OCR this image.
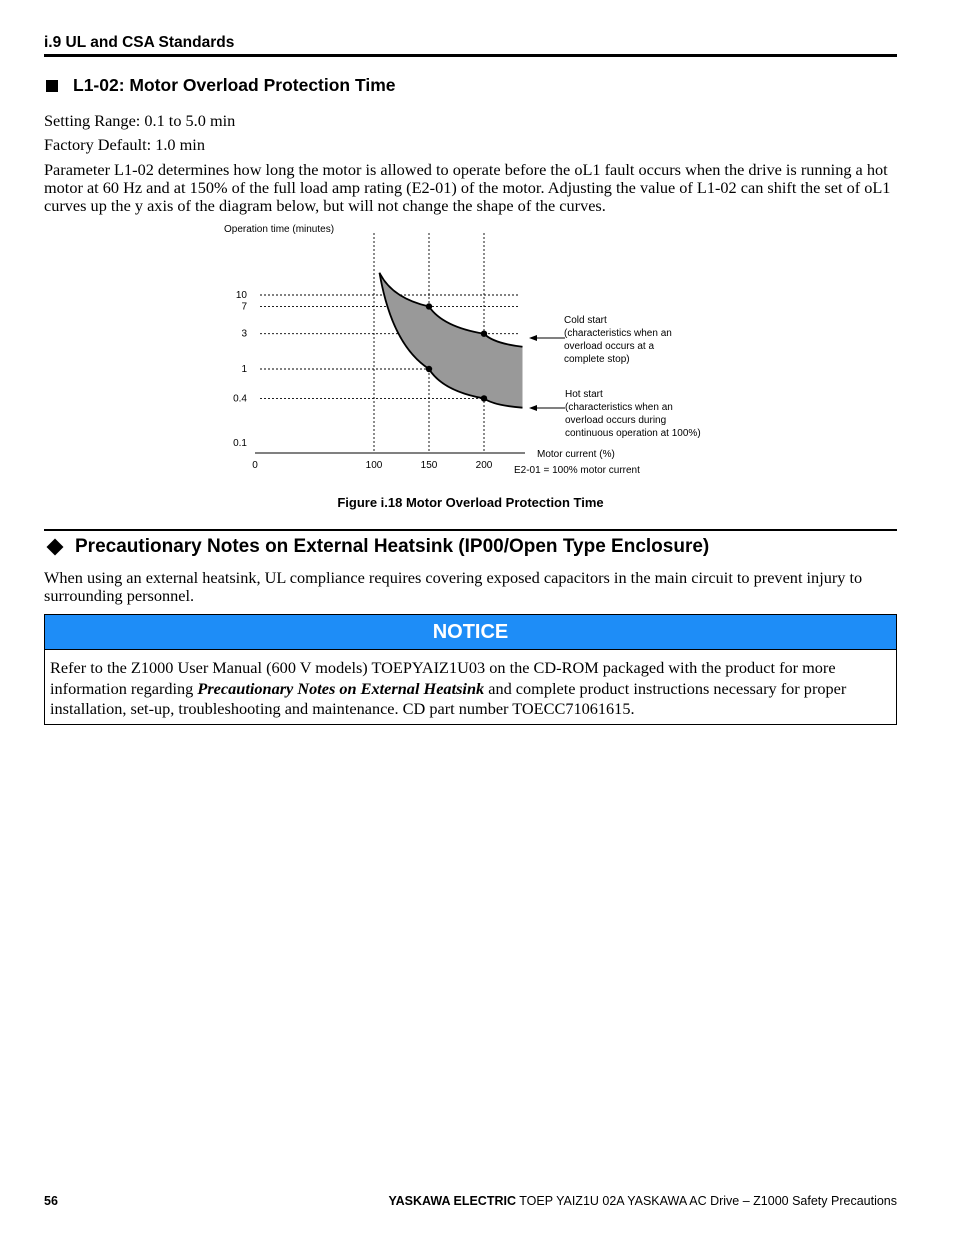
i.9 UL and CSA Standards
L1-02: Motor Overload Protection Time
Setting Range: 0.1 to 5.0 min
Factory Default: 1.0 min
Parameter L1-02 determines how long the motor is allowed to operate before the oL1 fault occurs when the drive is running a hot motor at 60 Hz and at 150% of the full load amp rating (E2-01) of the motor. Adjusting the value of L1-02 can shift the set of oL1 curves up the y axis of the diagram below, but will not change the shape of the curves.
Operation time (minutes)
0.1
0.4
1
3
7
10
0	100	150	200
Cold start
(characteristics when an
overload occurs at a
complete stop)
Hot start
(characteristics when an
overload occurs during
continuous operation at 100%)
Motor current (%)
E2-01 = 100% motor current
Figure i.18 Motor Overload Protection Time
Precautionary Notes on External Heatsink (IP00/Open Type Enclosure)
When using an external heatsink, UL compliance requires covering exposed capacitors in the main circuit to prevent injury to surrounding personnel.
NOTICE
Refer to the Z1000 User Manual (600 V models) TOEPYAIZ1U03 on the CD-ROM packaged with the product for more information regarding Precautionary Notes on External Heatsink and complete product instructions necessary for proper installation, set-up, troubleshooting and maintenance. CD part number TOECC71061615.
56	YASKAWA ELECTRIC TOEP YAIZ1U 02A YASKAWA AC Drive – Z1000 Safety Precautions
